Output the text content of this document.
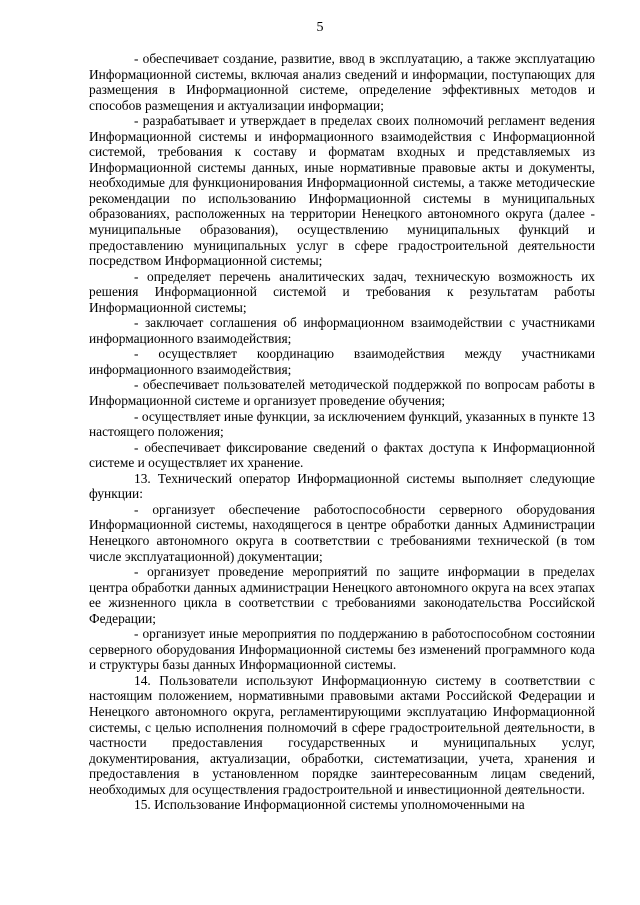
5

- обеспечивает создание, развитие, ввод в эксплуатацию, а также эксплуатацию Информационной системы, включая анализ сведений и информации, поступающих для размещения в Информационной системе, определение эффективных методов и способов размещения и актуализации информации;

- разрабатывает и утверждает в пределах своих полномочий регламент ведения Информационной системы и информационного взаимодействия с Информационной системой, требования к составу и форматам входных и представляемых из Информационной системы данных, иные нормативные правовые акты и документы, необходимые для функционирования Информационной системы, а также методические рекомендации по использованию Информационной системы в муниципальных образованиях, расположенных на территории Ненецкого автономного округа (далее - муниципальные образования), осуществлению муниципальных функций и предоставлению муниципальных услуг в сфере градостроительной деятельности посредством Информационной системы;

- определяет перечень аналитических задач, техническую возможность их решения Информационной системой и требования к результатам работы Информационной системы;

- заключает соглашения об информационном взаимодействии с участниками информационного взаимодействия;

- осуществляет координацию взаимодействия между участниками информационного взаимодействия;

- обеспечивает пользователей методической поддержкой по вопросам работы в Информационной системе и организует проведение обучения;

- осуществляет иные функции, за исключением функций, указанных в пункте 13 настоящего положения;

- обеспечивает фиксирование сведений о фактах доступа к Информационной системе и осуществляет их хранение.

13. Технический оператор Информационной системы выполняет следующие функции:

- организует обеспечение работоспособности серверного оборудования Информационной системы, находящегося в центре обработки данных Администрации Ненецкого автономного округа в соответствии с требованиями технической (в том числе эксплуатационной) документации;

- организует проведение мероприятий по защите информации в пределах центра обработки данных администрации Ненецкого автономного округа на всех этапах ее жизненного цикла в соответствии с требованиями законодательства Российской Федерации;

- организует иные мероприятия по поддержанию в работоспособном состоянии серверного оборудования Информационной системы без изменений программного кода и структуры базы данных Информационной системы.

14. Пользователи используют Информационную систему в соответствии с настоящим положением, нормативными правовыми актами Российской Федерации и Ненецкого автономного округа, регламентирующими эксплуатацию Информационной системы, с целью исполнения полномочий в сфере градостроительной деятельности, в частности предоставления государственных и муниципальных услуг, документирования, актуализации, обработки, систематизации, учета, хранения и предоставления в установленном порядке заинтересованным лицам сведений, необходимых для осуществления градостроительной и инвестиционной деятельности.

15. Использование Информационной системы уполномоченными на
